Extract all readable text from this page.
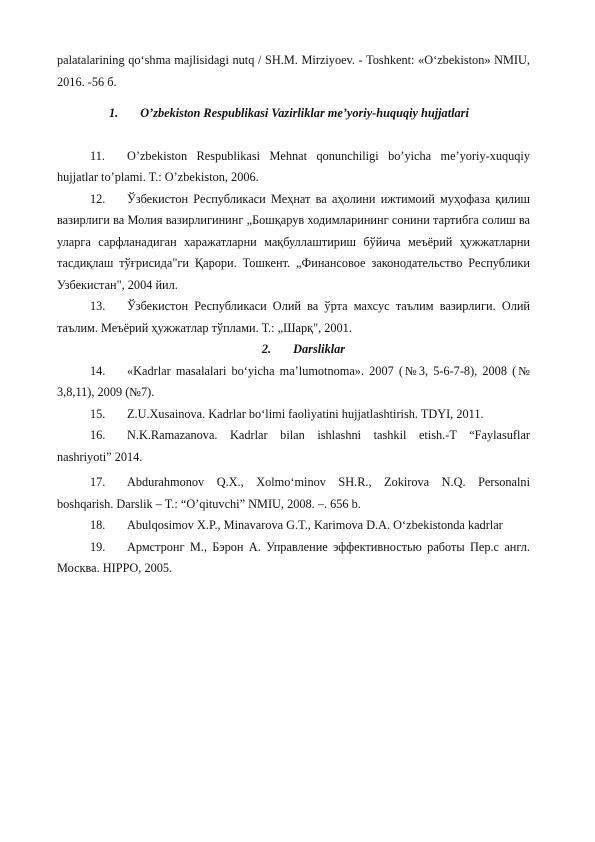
palatalarining qo‘shma majlisidagi nutq / SH.M. Mirziyoev. - Toshkent: «O‘zbekiston» NMIU, 2016. -56 б.

1. O’zbekiston Respublikasi Vazirliklar me’yoriy-huquqiy hujjatlari

11. O’zbekiston Respublikasi Mehnat qonunchiligi bo’yicha me’yoriy-xuquqiy hujjatlar to’plami. T.: O’zbekiston, 2006.

12. Ўзбекистон Республикаси Меҳнат ва аҳолини ижтимоий муҳофаза қилиш вазирлиги ва Молия вазирлигининг „Бошқарув ходимларининг сонини тартибга солиш ва уларга сарфланадиган харажатларни мақбуллаштириш бўйича меъёрий ҳужжатларни тасдиқлаш тўғрисида"ги Қарори. Тошкент. „Финансовое законодательство Республики Узбекистан", 2004 йил.

13. Ўзбекистон Республикаси Олий ва ўрта махсус таълим вазирлиги. Олий таълим. Меъёрий ҳужжатлар тўплами. Т.: „Шарқ", 2001.

2. Darsliklar

14. «Kadrlar masalalari bo‘yicha ma’lumotnoma». 2007 (№3, 5-6-7-8), 2008 (№ 3,8,11), 2009 (№7).

15. Z.U.Xusainova. Kadrlar bo‘limi faoliyatini hujjatlashtirish. TDYI, 2011.

16. N.K.Ramazanova. Kadrlar bilan ishlashni tashkil etish.-T “Faylasuflar nashriyoti” 2014.

17. Abdurahmonov Q.X., Xolmo‘minov SH.R., Zokirova N.Q. Personalni boshqarish. Darslik – T.: “O’qituvchi” NMIU, 2008. –. 656 b.

18. Abulqosimov X.P., Minavarova G.T., Karimova D.A. O‘zbekistonda kadrlar

19. Армстронг М., Бэрон А. Управление эффективностью работы Пер.с англ. Москва. HIPPO, 2005.
